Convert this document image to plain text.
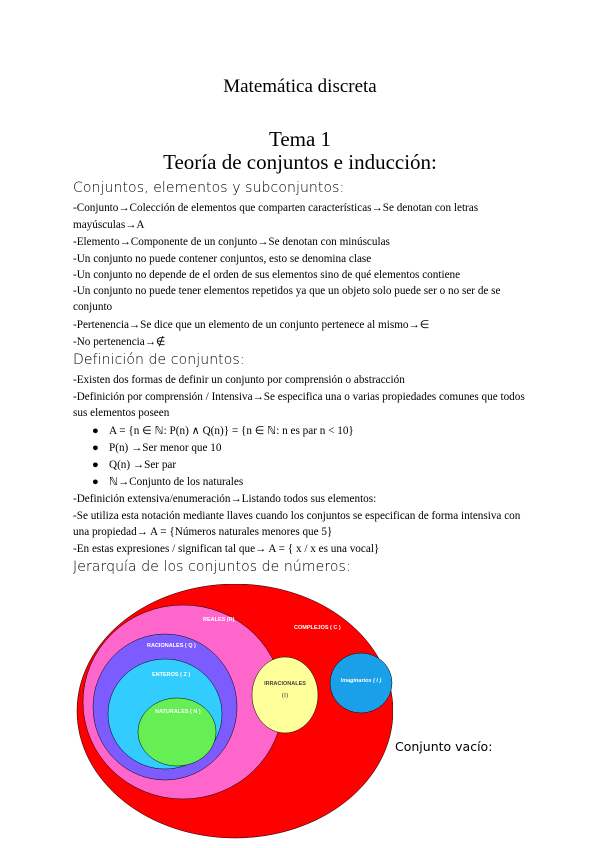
Matemática discreta
Tema 1
Teoría de conjuntos e inducción:
Conjuntos, elementos y subconjuntos:
-Conjunto→Colección de elementos que comparten características→Se denotan con letras
mayúsculas→A
-Elemento→Componente de un conjunto→Se denotan con minúsculas
-Un conjunto no puede contener conjuntos, esto se denomina clase
-Un conjunto no depende de el orden de sus elementos sino de qué elementos contiene
-Un conjunto no puede tener elementos repetidos ya que un objeto solo puede ser o no ser de se
conjunto
-Pertenencia→Se dice que un elemento de un conjunto pertenece al mismo→∈
-No pertenencia→∉
Definición de conjuntos:
-Existen dos formas de definir un conjunto por comprensión o abstracción
-Definición por comprensión / Intensiva→Se especifica una o varias propiedades comunes que todos
sus elementos poseen
● A = {n ∈ ℕ: P(n) ∧ Q(n)} = {n ∈ ℕ: n es par n < 10}
● P(n) →Ser menor que 10
● Q(n) →Ser par
● ℕ→Conjunto de los naturales
-Definición extensiva/enumeración→Listando todos sus elementos:
-Se utiliza esta notación mediante llaves cuando los conjuntos se especifican de forma intensiva con
una propiedad→ A = {Números naturales menores que 5}
-En estas expresiones / significan tal que→ A = { x / x es una vocal}
Jerarquía de los conjuntos de números:
REALES (R)
COMPLEJOS ( C )
RACIONALES ( Q )
ENTEROS ( Z )
NATURALES ( N )
IRRACIONALES
(I)
Imaginarios ( i )
Conjunto vacío:
